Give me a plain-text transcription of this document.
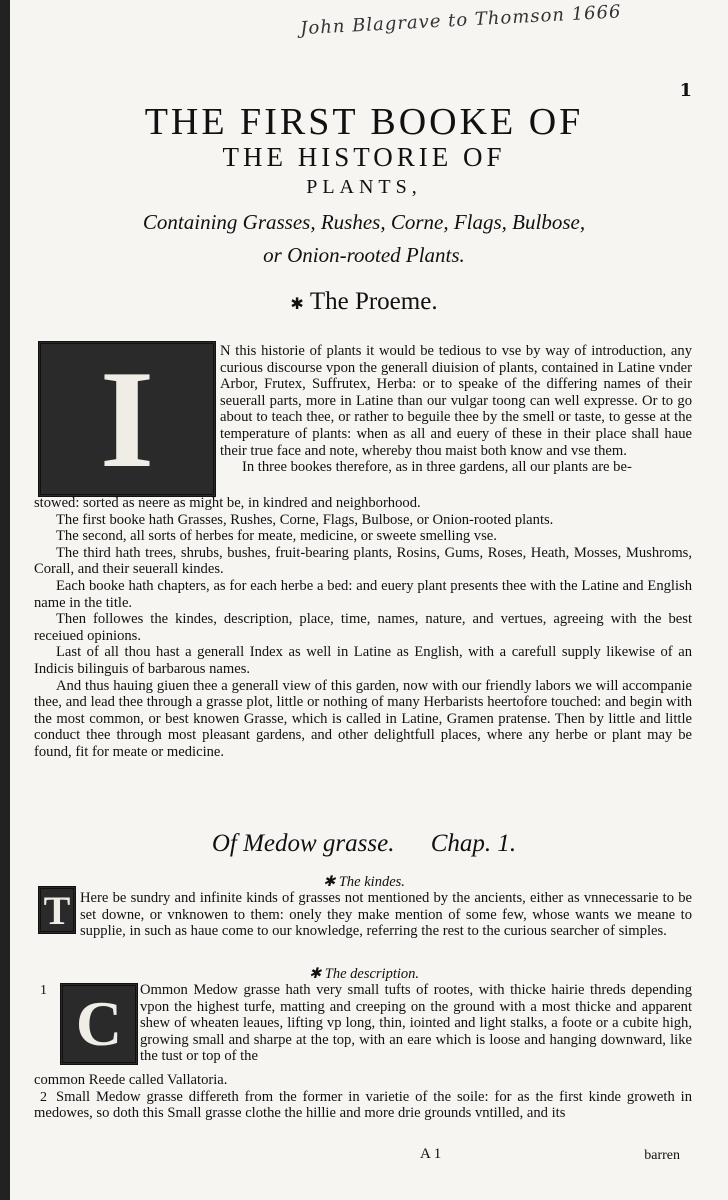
John Blagrave to Thomson 1666
1
THE FIRST BOOKE OF
THE HISTORIE OF
PLANTS,
Containing Grasses, Rushes, Corne, Flags, Bulbose,
or Onion-rooted Plants.
✱ The Proeme.
I	N this historie of plants it would be tedious to vse by way of introduction, any curious discourse vpon the generall diuision of plants, contained in Latine vnder Arbor, Frutex, Suffrutex, Herba: or to speake of the differing names of their seuerall parts, more in Latine than our vulgar toong can well expresse. Or to go about to teach thee, or rather to beguile thee by the smell or taste, to gesse at the temperature of plants: when as all and euery of these in their place shall haue their true face and note, whereby thou maist both know and vse them.

In three bookes therefore, as in three gardens, all our plants are be-

stowed: sorted as neere as might be, in kindred and neighborhood.

The first booke hath Grasses, Rushes, Corne, Flags, Bulbose, or Onion-rooted plants.

The second, all sorts of herbes for meate, medicine, or sweete smelling vse.

The third hath trees, shrubs, bushes, fruit-bearing plants, Rosins, Gums, Roses, Heath, Mosses, Mushroms, Corall, and their seuerall kindes.

Each booke hath chapters, as for each herbe a bed: and euery plant presents thee with the Latine and English name in the title.

Then followes the kindes, description, place, time, names, nature, and vertues, agreeing with the best receiued opinions.

Last of all thou hast a generall Index as well in Latine as English, with a carefull supply likewise of an Indicis bilinguis of barbarous names.

And thus hauing giuen thee a generall view of this garden, now with our friendly labors we will accompanie thee, and lead thee through a grasse plot, little or nothing of many Herbarists heertofore touched: and begin with the most common, or best knowen Grasse, which is called in Latine, Gramen pratense. Then by little and little conduct thee through most pleasant gardens, and other delightfull places, where any herbe or plant may be found, fit for meate or medicine.

Of Medow grasse. Chap. 1.
✱ The kindes.
T Here be sundry and infinite kinds of grasses not mentioned by the ancients, either as vnnecessarie to be set downe, or vnknowen to them: onely they make mention of some few, whose wants we meane to supplie, in such as haue come to our knowledge, referring the rest to the curious searcher of simples.
✱ The description.
1 C	Ommon Medow grasse hath very small tufts of rootes, with thicke hairie threds depending vpon the highest turfe, matting and creeping on the ground with a most thicke and apparent shew of wheaten leaues, lifting vp long, thin, iointed and light stalks, a foote or a cubite high, growing small and sharpe at the top, with an eare which is loose and hanging downward, like the tust or top of the

common Reede called Vallatoria.

Small Medow grasse differeth from the former in varietie of the soile: for as the first kinde groweth in medowes, so doth this Small grasse clothe the hillie and more drie grounds vntilled, and its

2
A 1	barren
